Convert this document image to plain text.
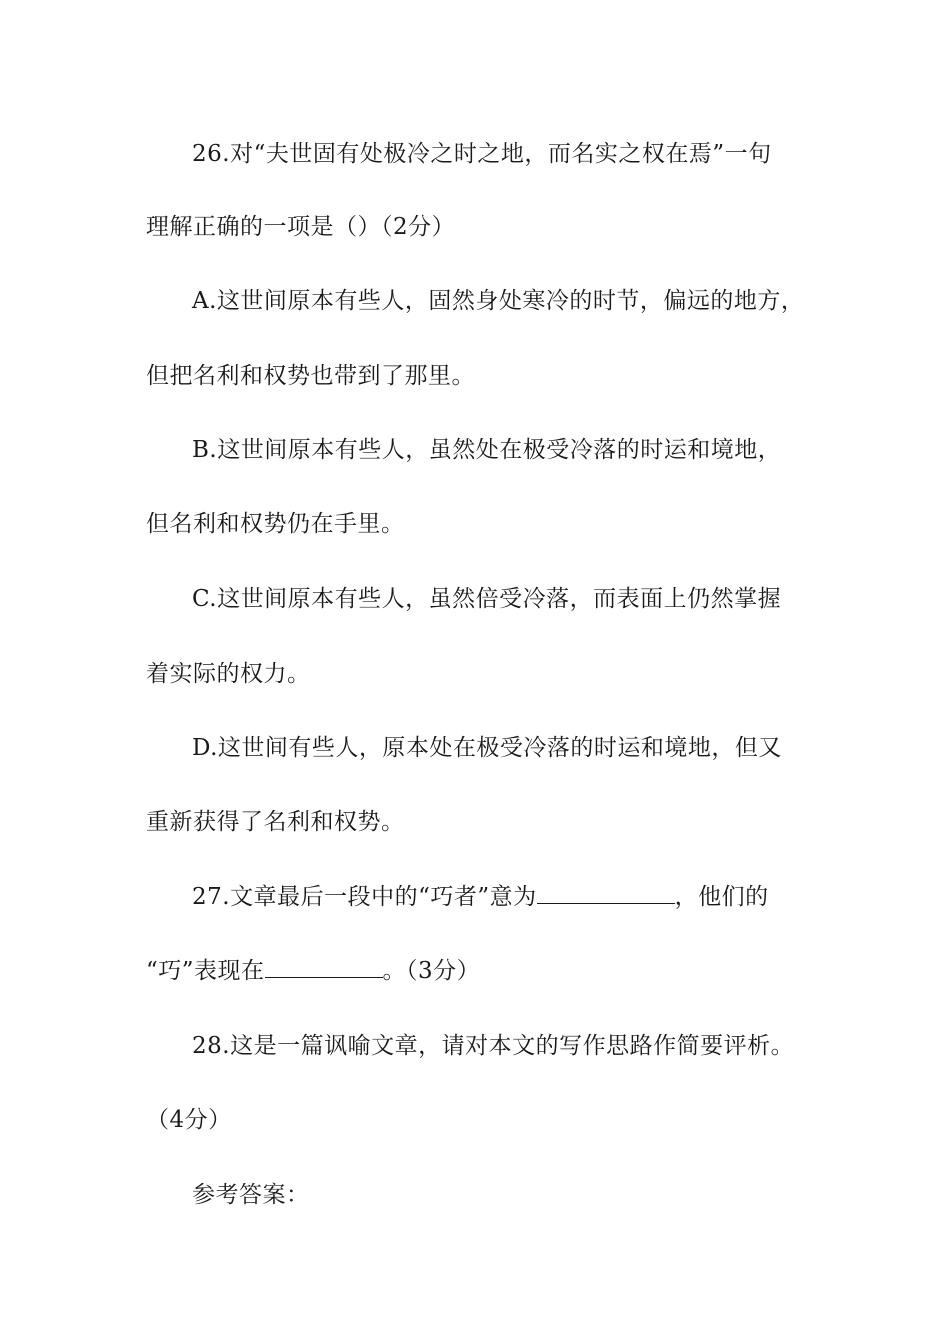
26.对“夫世固有处极冷之时之地，而名实之权在焉”一句
理解正确的一项是（）（2分）
A.这世间原本有些人，固然身处寒冷的时节，偏远的地方，
但把名利和权势也带到了那里。
B.这世间原本有些人，虽然处在极受冷落的时运和境地，
但名利和权势仍在手里。
C.这世间原本有些人，虽然倍受冷落，而表面上仍然掌握
着实际的权力。
D.这世间有些人，原本处在极受冷落的时运和境地，但又
重新获得了名利和权势。
27.文章最后一段中的“巧者”意为	，他们的
“巧”表现在	。（3分）
28.这是一篇讽喻文章，请对本文的写作思路作简要评析。
（4分）
参考答案：
